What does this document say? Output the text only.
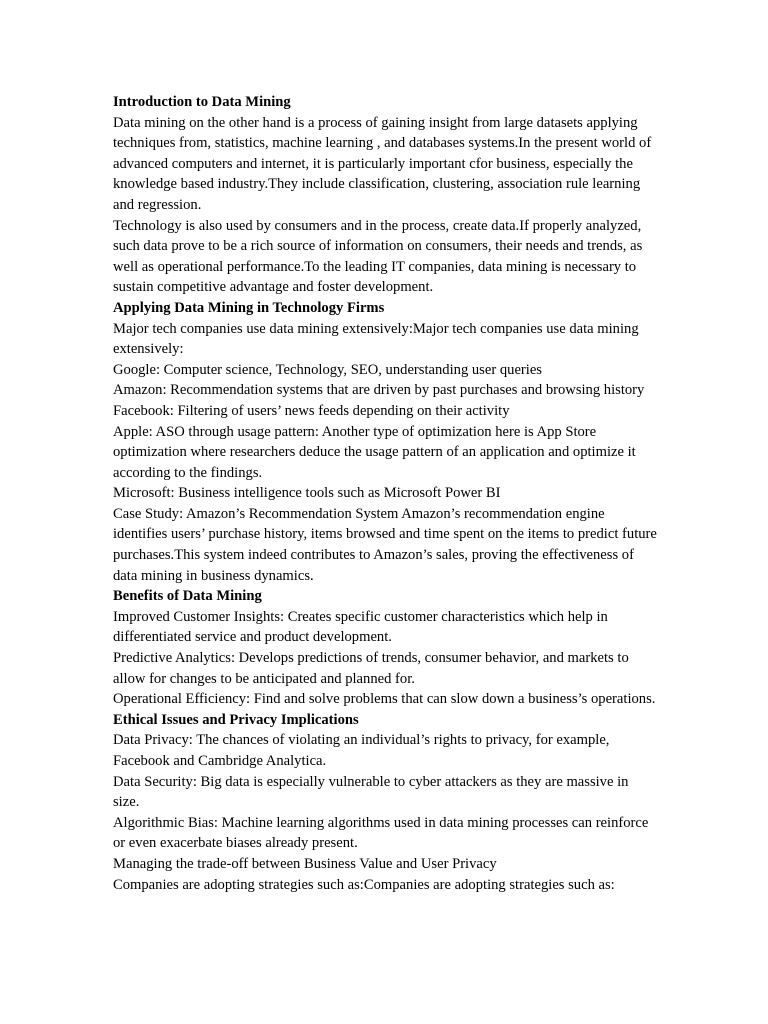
Introduction to Data Mining

Data mining on the other hand is a process of gaining insight from large datasets applying techniques from, statistics, machine learning , and databases systems.In the present world of advanced computers and internet, it is particularly important cfor business, especially the knowledge based industry.They include classification, clustering, association rule learning and regression.

Technology is also used by consumers and in the process, create data.If properly analyzed, such data prove to be a rich source of information on consumers, their needs and trends, as well as operational performance.To the leading IT companies, data mining is necessary to sustain competitive advantage and foster development.

Applying Data Mining in Technology Firms

Major tech companies use data mining extensively:Major tech companies use data mining extensively:

Google: Computer science, Technology, SEO, understanding user queries

Amazon: Recommendation systems that are driven by past purchases and browsing history

Facebook: Filtering of users’ news feeds depending on their activity

Apple: ASO through usage pattern: Another type of optimization here is App Store optimization where researchers deduce the usage pattern of an application and optimize it according to the findings.

Microsoft: Business intelligence tools such as Microsoft Power BI

Case Study: Amazon’s Recommendation System Amazon’s recommendation engine identifies users’ purchase history, items browsed and time spent on the items to predict future purchases.This system indeed contributes to Amazon’s sales, proving the effectiveness of data mining in business dynamics.

Benefits of Data Mining

Improved Customer Insights: Creates specific customer characteristics which help in differentiated service and product development.

Predictive Analytics: Develops predictions of trends, consumer behavior, and markets to allow for changes to be anticipated and planned for.

Operational Efficiency: Find and solve problems that can slow down a business’s operations.

Ethical Issues and Privacy Implications

Data Privacy: The chances of violating an individual’s rights to privacy, for example, Facebook and Cambridge Analytica.

Data Security: Big data is especially vulnerable to cyber attackers as they are massive in size.

Algorithmic Bias: Machine learning algorithms used in data mining processes can reinforce or even exacerbate biases already present.

Managing the trade-off between Business Value and User Privacy

Companies are adopting strategies such as:Companies are adopting strategies such as:
